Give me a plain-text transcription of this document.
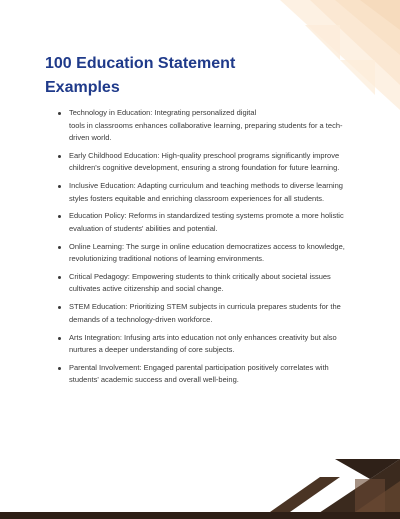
100 Education Statement
Examples
Technology in Education: Integrating personalized digital
tools in classrooms enhances collaborative learning, preparing students for a tech-driven world.
Early Childhood Education: High-quality preschool programs significantly improve children's cognitive development, ensuring a strong foundation for future learning.
Inclusive Education: Adapting curriculum and teaching methods to diverse learning styles fosters equitable and enriching classroom experiences for all students.
Education Policy: Reforms in standardized testing systems promote a more holistic evaluation of students' abilities and potential.
Online Learning: The surge in online education democratizes access to knowledge, revolutionizing traditional notions of learning environments.
Critical Pedagogy: Empowering students to think critically about societal issues cultivates active citizenship and social change.
STEM Education: Prioritizing STEM subjects in curricula prepares students for the demands of a technology-driven workforce.
Arts Integration: Infusing arts into education not only enhances creativity but also nurtures a deeper understanding of core subjects.
Parental Involvement: Engaged parental participation positively correlates with students' academic success and overall well-being.
